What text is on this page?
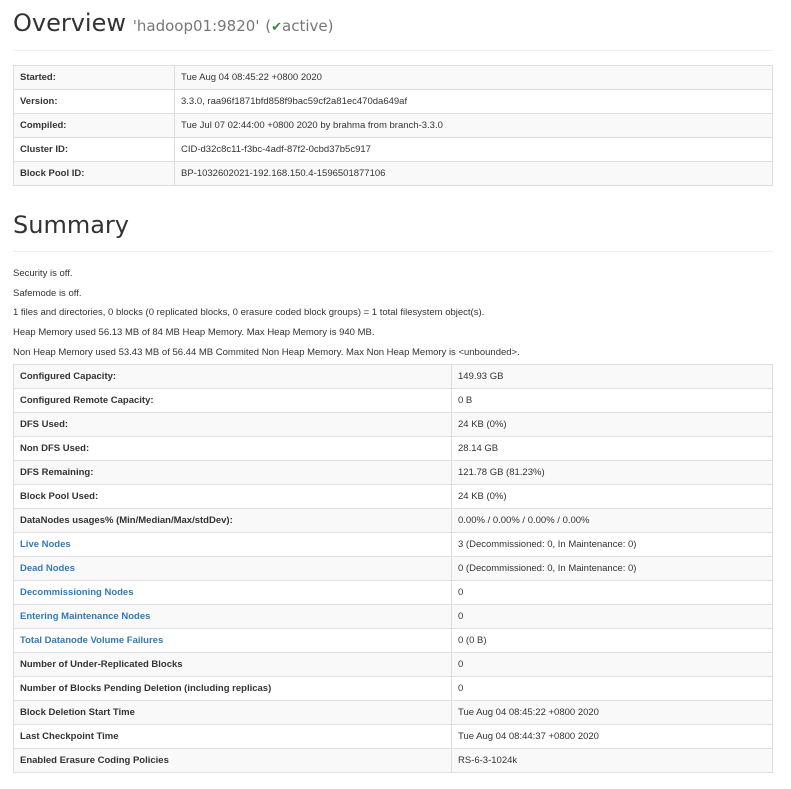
Overview 'hadoop01:9820' (✔active)
Started:	Tue Aug 04 08:45:22 +0800 2020
Version:	3.3.0, raa96f1871bfd858f9bac59cf2a81ec470da649af
Compiled:	Tue Jul 07 02:44:00 +0800 2020 by brahma from branch-3.3.0
Cluster ID:	CID-d32c8c11-f3bc-4adf-87f2-0cbd37b5c917
Block Pool ID:	BP-1032602021-192.168.150.4-1596501877106
Summary

Security is off.

Safemode is off.

1 files and directories, 0 blocks (0 replicated blocks, 0 erasure coded block groups) = 1 total filesystem object(s).

Heap Memory used 56.13 MB of 84 MB Heap Memory. Max Heap Memory is 940 MB.

Non Heap Memory used 53.43 MB of 56.44 MB Commited Non Heap Memory. Max Non Heap Memory is <unbounded>.

Configured Capacity:	149.93 GB
Configured Remote Capacity:	0 B
DFS Used:	24 KB (0%)
Non DFS Used:	28.14 GB
DFS Remaining:	121.78 GB (81.23%)
Block Pool Used:	24 KB (0%)
DataNodes usages% (Min/Median/Max/stdDev):	0.00% / 0.00% / 0.00% / 0.00%
Live Nodes	3 (Decommissioned: 0, In Maintenance: 0)
Dead Nodes	0 (Decommissioned: 0, In Maintenance: 0)
Decommissioning Nodes	0
Entering Maintenance Nodes	0
Total Datanode Volume Failures	0 (0 B)
Number of Under-Replicated Blocks	0
Number of Blocks Pending Deletion (including replicas)	0
Block Deletion Start Time	Tue Aug 04 08:45:22 +0800 2020
Last Checkpoint Time	Tue Aug 04 08:44:37 +0800 2020
Enabled Erasure Coding Policies	RS-6-3-1024k
